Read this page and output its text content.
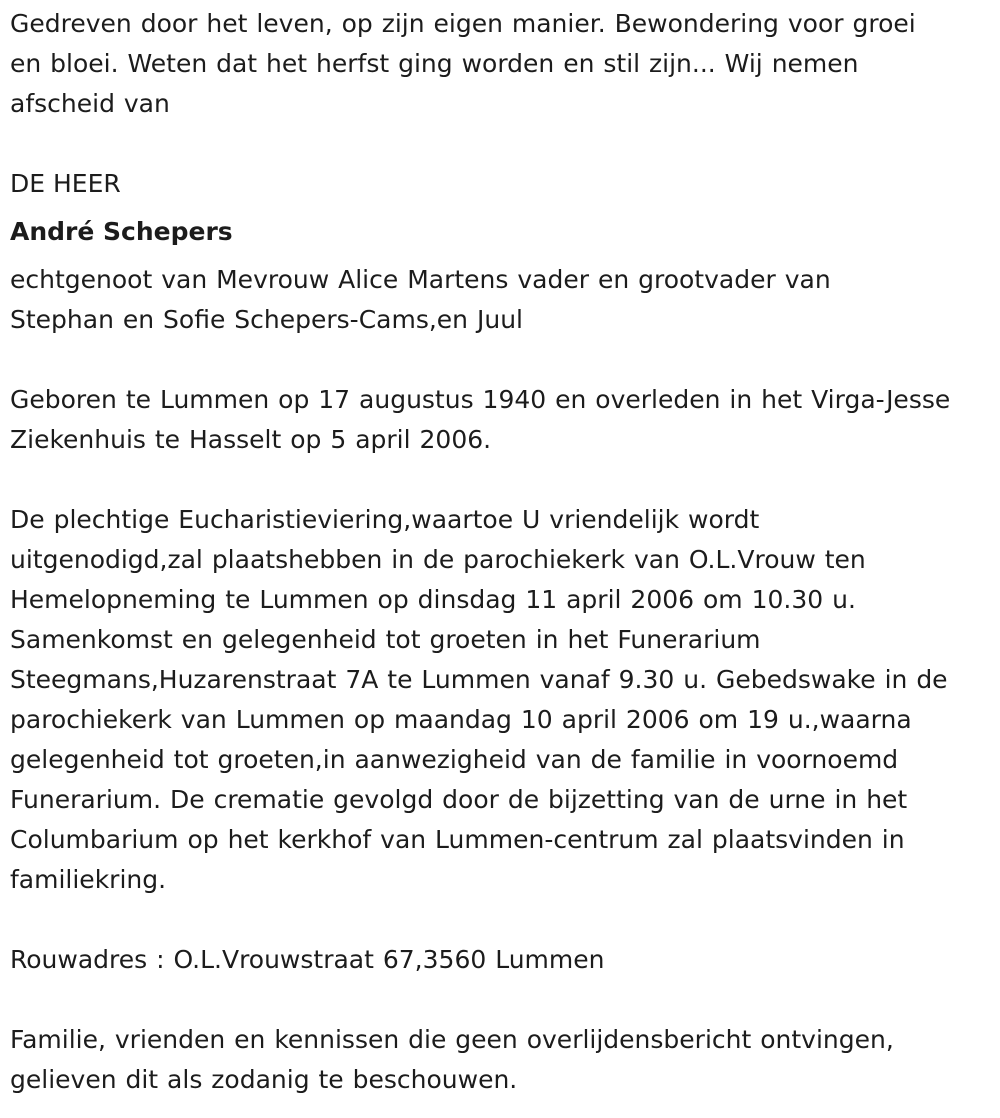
Gedreven door het leven, op zijn eigen manier. Bewondering voor groei
en bloei. Weten dat het herfst ging worden en stil zijn... Wij nemen
afscheid van

DE HEER

André Schepers

echtgenoot van Mevrouw Alice Martens vader en grootvader van
Stephan en Sofie Schepers-Cams,en Juul

Geboren te Lummen op 17 augustus 1940 en overleden in het Virga-Jesse
Ziekenhuis te Hasselt op 5 april 2006.

De plechtige Eucharistieviering,waartoe U vriendelijk wordt
uitgenodigd,zal plaatshebben in de parochiekerk van O.L.Vrouw ten
Hemelopneming te Lummen op dinsdag 11 april 2006 om 10.30 u.
Samenkomst en gelegenheid tot groeten in het Funerarium
Steegmans,Huzarenstraat 7A te Lummen vanaf 9.30 u. Gebedswake in de
parochiekerk van Lummen op maandag 10 april 2006 om 19 u.,waarna
gelegenheid tot groeten,in aanwezigheid van de familie in voornoemd
Funerarium. De crematie gevolgd door de bijzetting van de urne in het
Columbarium op het kerkhof van Lummen-centrum zal plaatsvinden in
familiekring.

Rouwadres : O.L.Vrouwstraat 67,3560 Lummen

Familie, vrienden en kennissen die geen overlijdensbericht ontvingen,
gelieven dit als zodanig te beschouwen.
